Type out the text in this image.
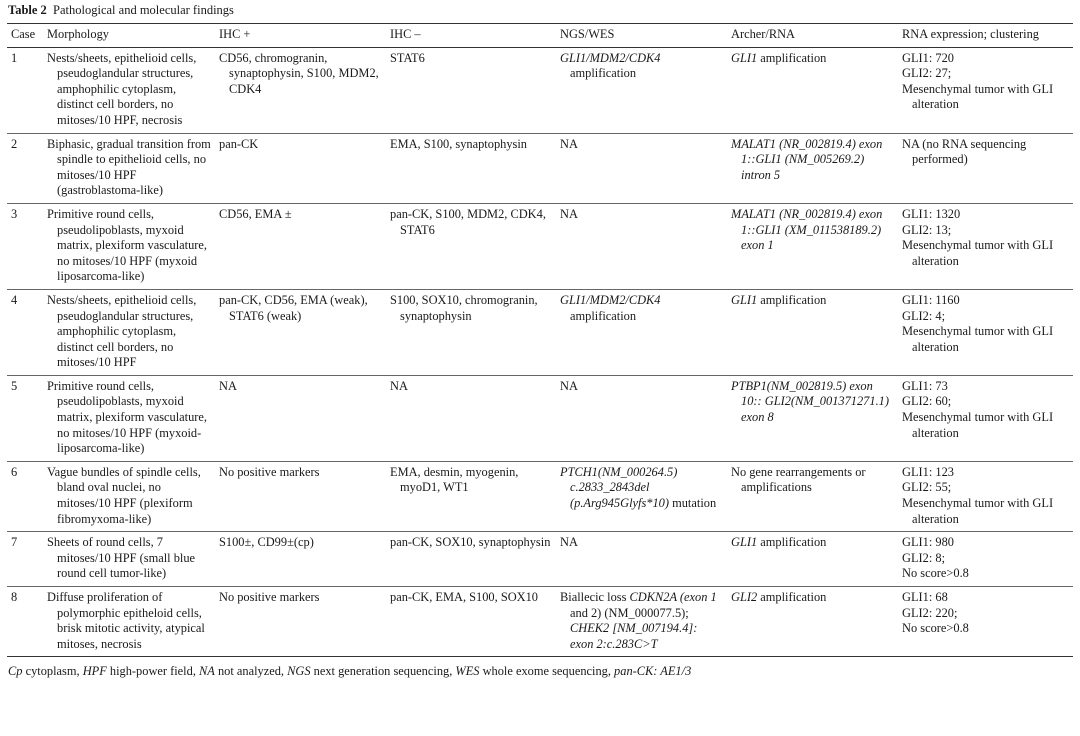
Table 2 Pathological and molecular findings
Case	Morphology	IHC +	IHC –	NGS/WES	Archer/RNA	RNA expression; clustering

1	Nests/sheets, epithelioid cells, pseudoglandular structures, amphophilic cytoplasm, distinct cell borders, no mitoses/10 HPF, necrosis	CD56, chromogranin, synaptophysin, S100, MDM2, CDK4	STAT6	GLI1/MDM2/CDK4 amplification	GLI1 amplification	GLI1: 720
GLI2: 27;
Mesenchymal tumor with GLI alteration

2	Biphasic, gradual transition from spindle to epithelioid cells, no mitoses/10 HPF (gastroblastoma-like)	pan-CK	EMA, S100, synaptophysin	NA	MALAT1 (NR_002819.4) exon 1::GLI1 (NM_005269.2) intron 5	NA (no RNA sequencing performed)

3	Primitive round cells, pseudolipoblasts, myxoid matrix, plexiform vasculature, no mitoses/10 HPF (myxoid liposarcoma-like)	CD56, EMA ±	pan-CK, S100, MDM2, CDK4, STAT6	NA	MALAT1 (NR_002819.4) exon 1::GLI1 (XM_011538189.2) exon 1	GLI1: 1320
GLI2: 13;
Mesenchymal tumor with GLI alteration

4	Nests/sheets, epithelioid cells, pseudoglandular structures, amphophilic cytoplasm, distinct cell borders, no mitoses/10 HPF	pan-CK, CD56, EMA (weak), STAT6 (weak)	S100, SOX10, chromogranin, synaptophysin	GLI1/MDM2/CDK4 amplification	GLI1 amplification	GLI1: 1160
GLI2: 4;
Mesenchymal tumor with GLI alteration

5	Primitive round cells, pseudolipoblasts, myxoid matrix, plexiform vasculature, no mitoses/10 HPF (myxoid-liposarcoma-like)	NA	NA	NA	PTBP1(NM_002819.5) exon 10:: GLI2(NM_001371271.1) exon 8	GLI1: 73
GLI2: 60;
Mesenchymal tumor with GLI alteration

6	Vague bundles of spindle cells, bland oval nuclei, no mitoses/10 HPF (plexiform fibromyxoma-like)	No positive markers	EMA, desmin, myogenin, myoD1, WT1	PTCH1(NM_000264.5) c.2833_2843del (p.Arg945Glyfs*10) mutation	No gene rearrangements or amplifications	GLI1: 123
GLI2: 55;
Mesenchymal tumor with GLI alteration

7	Sheets of round cells, 7 mitoses/10 HPF (small blue round cell tumor-like)	S100±, CD99±(cp)	pan-CK, SOX10, synaptophysin	NA	GLI1 amplification	GLI1: 980
GLI2: 8;
No score>0.8

8	Diffuse proliferation of polymorphic epitheloid cells, brisk mitotic activity, atypical mitoses, necrosis	No positive markers	pan-CK, EMA, S100, SOX10	Biallecic loss CDKN2A (exon 1 and 2) (NM_000077.5); CHEK2 [NM_007194.4]: exon 2:c.283C>T	GLI2 amplification	GLI1: 68
GLI2: 220;
No score>0.8
Cp cytoplasm, HPF high-power field, NA not analyzed, NGS next generation sequencing, WES whole exome sequencing, pan-CK: AE1/3
